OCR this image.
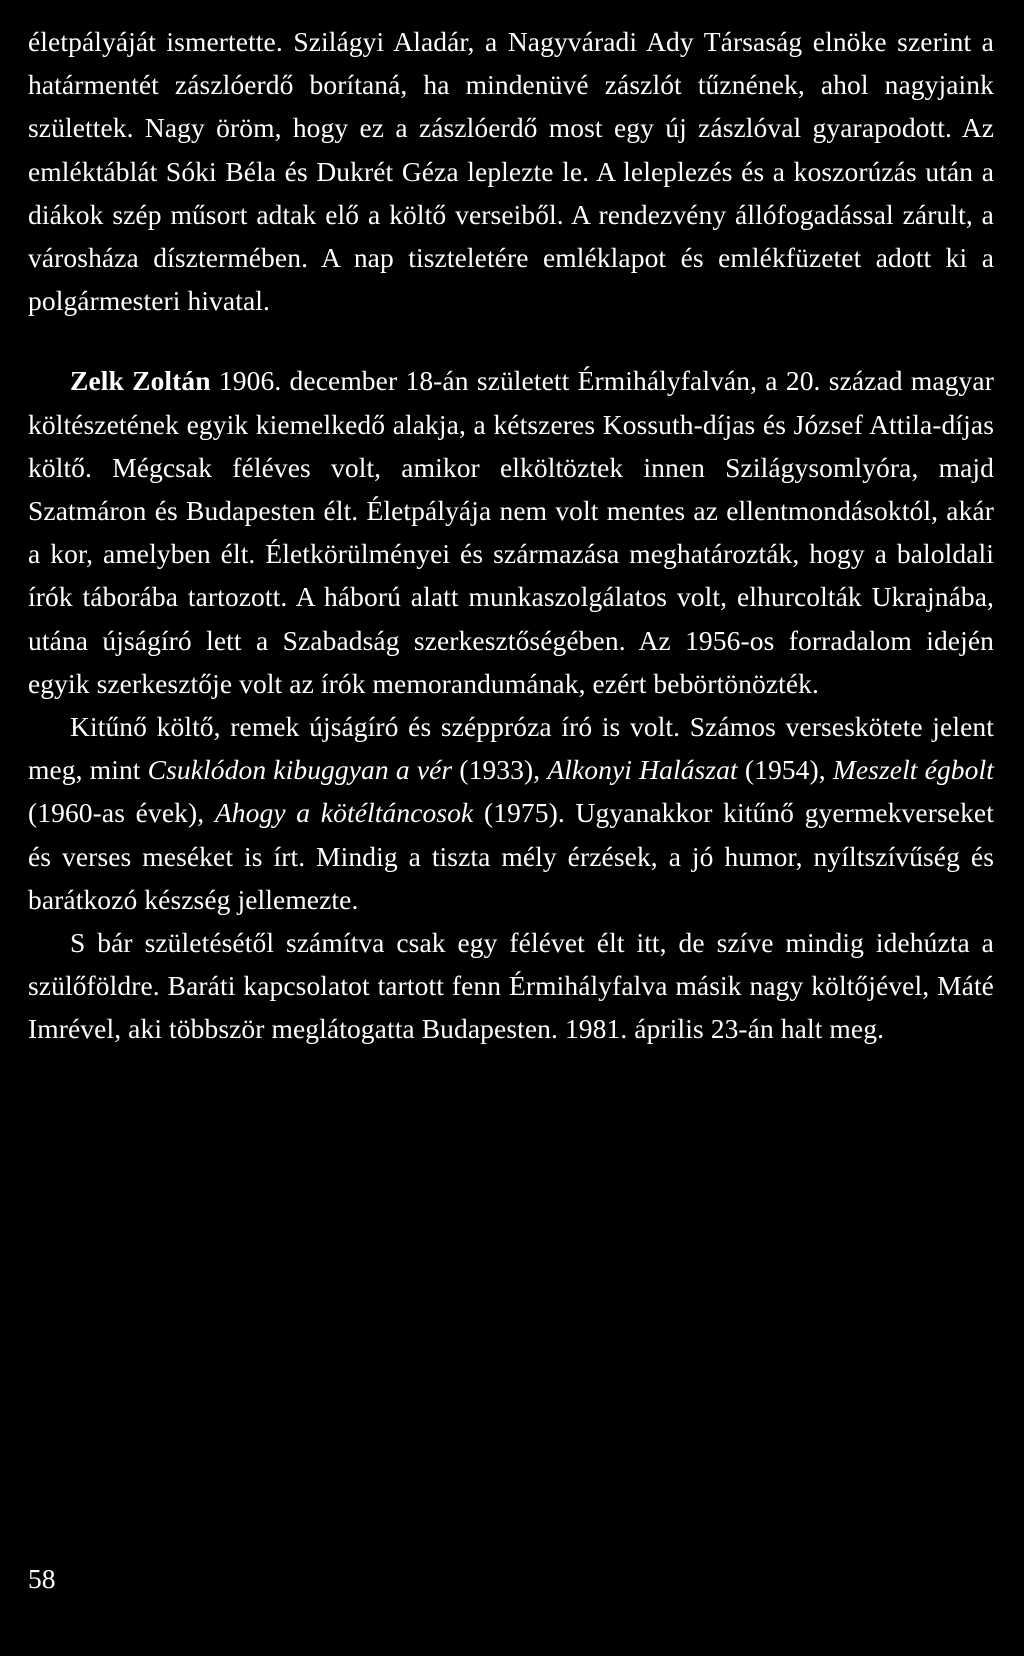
életpályáját ismertette. Szilágyi Aladár, a Nagyváradi Ady Társaság elnöke szerint a határmentét zászlóerdő borítaná, ha mindenüvé zászlót tűznének, ahol nagyjaink születtek. Nagy öröm, hogy ez a zászlóerdő most egy új zászlóval gyarapodott. Az emléktáblát Sóki Béla és Dukrét Géza leplezte le. A leleplezés és a koszorúzás után a diákok szép műsort adtak elő a költő verseiből. A rendezvény állófogadással zárult, a városháza dísztermében. A nap tiszteletére emléklapot és emlékfüzetet adott ki a polgármesteri hivatal.

Zelk Zoltán 1906. december 18-án született Érmihályfalván, a 20. század magyar költészetének egyik kiemelkedő alakja, a kétszeres Kossuth-díjas és József Attila-díjas költő. Mégcsak féléves volt, amikor elköltöztek innen Szilágysomlyóra, majd Szatmáron és Budapesten élt. Életpályája nem volt mentes az ellentmondásoktól, akár a kor, amelyben élt. Életkörülményei és származása meghatározták, hogy a baloldali írók táborába tartozott. A háború alatt munkaszolgálatos volt, elhurcolták Ukrajnába, utána újságíró lett a Szabadság szerkesztőségében. Az 1956-os forradalom idején egyik szerkesztője volt az írók memorandumának, ezért bebörtönözték.

Kitűnő költő, remek újságíró és széppróza író is volt. Számos verseskötete jelent meg, mint Csuklódon kibuggyan a vér (1933), Alkonyi Halászat (1954), Meszelt égbolt (1960-as évek), Ahogy a kötéltáncosok (1975). Ugyanakkor kitűnő gyermekverseket és verses meséket is írt. Mindig a tiszta mély érzések, a jó humor, nyíltszívűség és barátkozó készség jellemezte.

S bár születésétől számítva csak egy félévet élt itt, de szíve mindig idehúzta a szülőföldre. Baráti kapcsolatot tartott fenn Érmihályfalva másik nagy költőjével, Máté Imrével, aki többször meglátogatta Budapesten. 1981. április 23-án halt meg.

58
